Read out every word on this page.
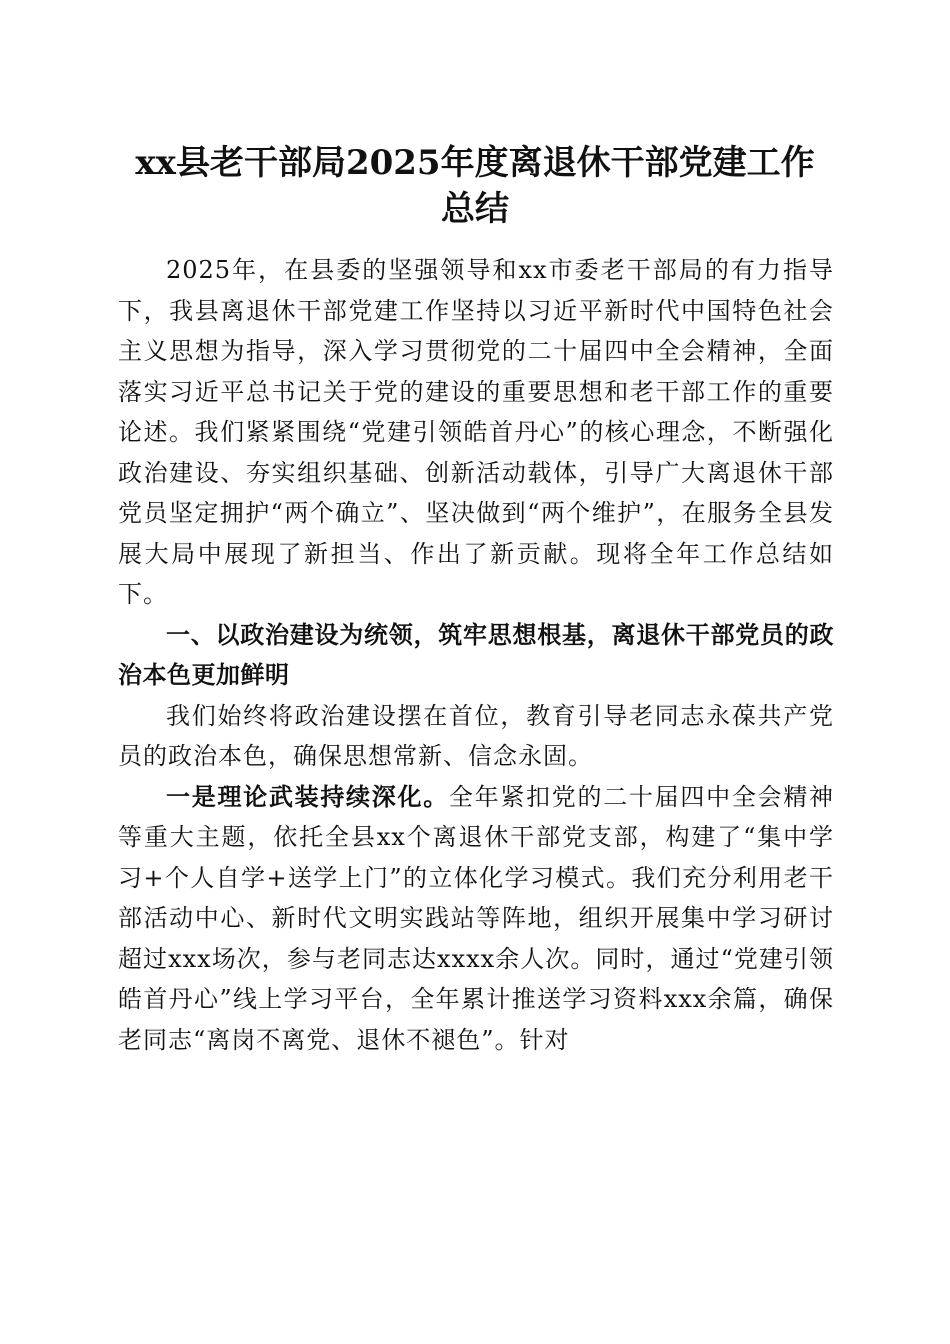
xx县老干部局2025年度离退休干部党建工作
总结

2025年，在县委的坚强领导和xx市委老干部局的有力指导下，我县离退休干部党建工作坚持以习近平新时代中国特色社会主义思想为指导，深入学习贯彻党的二十届四中全会精神，全面落实习近平总书记关于党的建设的重要思想和老干部工作的重要论述。我们紧紧围绕“党建引领皓首丹心”的核心理念，不断强化政治建设、夯实组织基础、创新活动载体，引导广大离退休干部党员坚定拥护“两个确立”、坚决做到“两个维护”，在服务全县发展大局中展现了新担当、作出了新贡献。现将全年工作总结如下。

一、以政治建设为统领，筑牢思想根基，离退休干部党员的政治本色更加鲜明

我们始终将政治建设摆在首位，教育引导老同志永葆共产党员的政治本色，确保思想常新、信念永固。

一是理论武装持续深化。全年紧扣党的二十届四中全会精神等重大主题，依托全县xx个离退休干部党支部，构建了“集中学习+个人自学+送学上门”的立体化学习模式。我们充分利用老干部活动中心、新时代文明实践站等阵地，组织开展集中学习研讨超过xxx场次，参与老同志达xxxx余人次。同时，通过“党建引领皓首丹心”线上学习平台，全年累计推送学习资料xxx余篇，确保老同志“离岗不离党、退休不褪色”。针对
